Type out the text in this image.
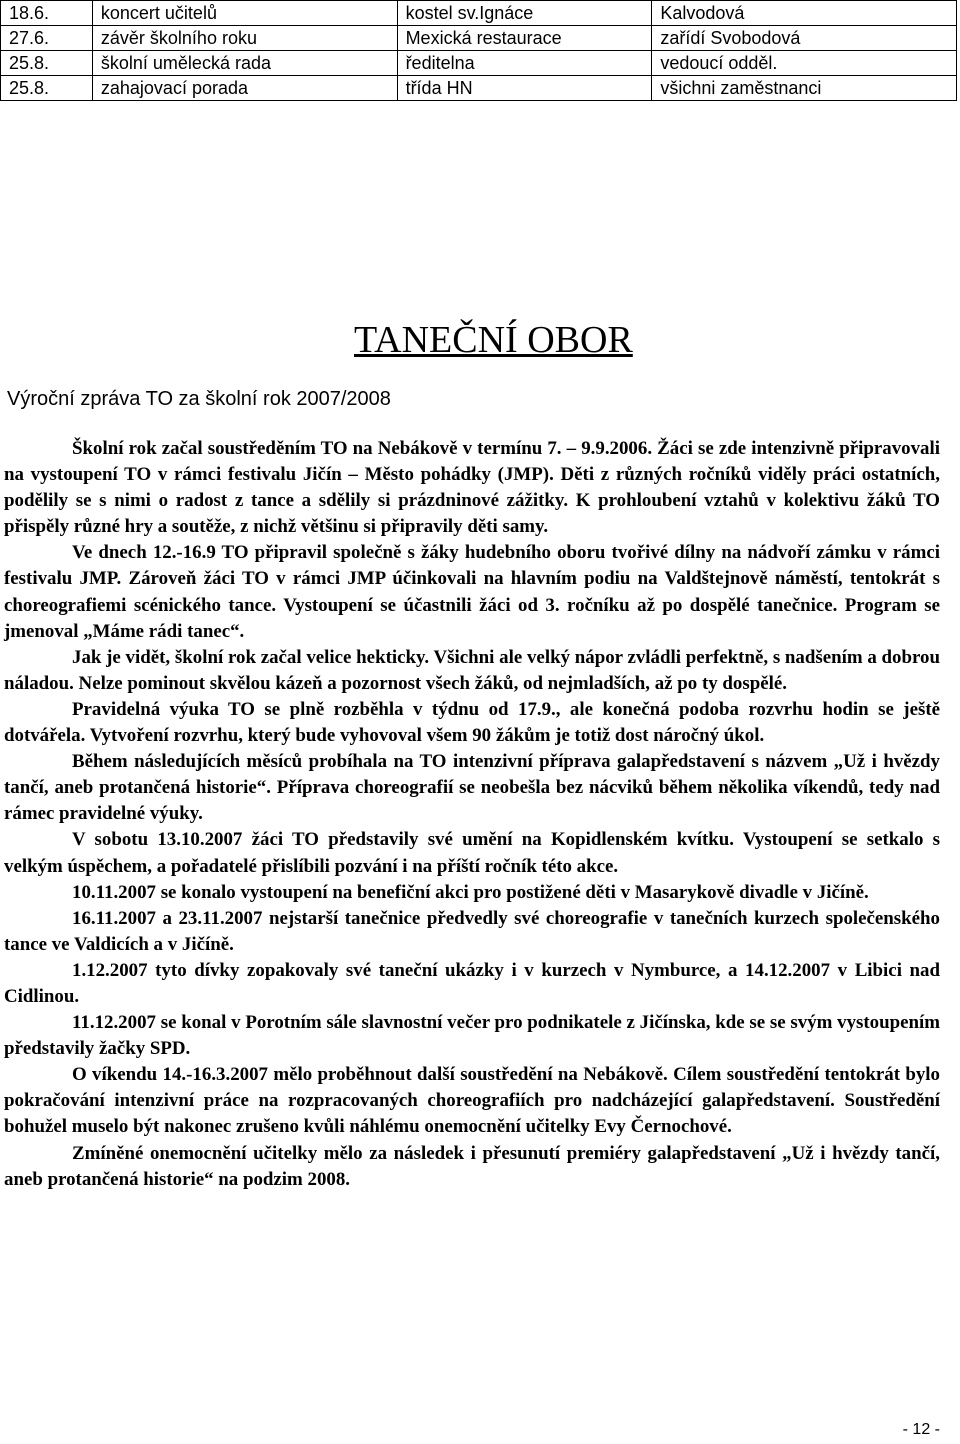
18.6.	koncert učitelů	kostel sv.Ignáce	Kalvodová
27.6.	závěr školního roku	Mexická restaurace	zařídí Svobodová
25.8.	školní umělecká rada	ředitelna	vedoucí odděl.
25.8.	zahajovací porada	třída HN	všichni zaměstnanci
TANEČNÍ OBOR
Výroční zpráva TO za školní rok 2007/2008

Školní rok začal soustředěním TO na Nebákově v termínu 7. – 9.9.2006. Žáci se zde intenzivně připravovali na vystoupení TO v rámci festivalu Jičín – Město pohádky (JMP). Děti z různých ročníků viděly práci ostatních, podělily se s nimi o radost z tance a sdělily si prázdninové zážitky. K prohloubení vztahů v kolektivu žáků TO přispěly různé hry a soutěže, z nichž většinu si připravily děti samy.

Ve dnech 12.-16.9 TO připravil společně s žáky hudebního oboru tvořivé dílny na nádvoří zámku v rámci festivalu JMP. Zároveň žáci TO v rámci JMP účinkovali na hlavním podiu na Valdštejnově náměstí, tentokrát s choreografiemi scénického tance. Vystoupení se účastnili žáci od 3. ročníku až po dospělé tanečnice. Program se jmenoval „Máme rádi tanec“.

Jak je vidět, školní rok začal velice hekticky. Všichni ale velký nápor zvládli perfektně, s nadšením a dobrou náladou. Nelze pominout skvělou kázeň a pozornost všech žáků, od nejmladších, až po ty dospělé.

Pravidelná výuka TO se plně rozběhla v týdnu od 17.9., ale konečná podoba rozvrhu hodin se ještě dotvářela. Vytvoření rozvrhu, který bude vyhovoval všem 90 žákům je totiž dost náročný úkol.

Během následujících měsíců probíhala na TO intenzivní příprava galapředstavení s názvem „Už i hvězdy tančí, aneb protančená historie“. Příprava choreografií se neobešla bez nácviků během několika víkendů, tedy nad rámec pravidelné výuky.

V sobotu 13.10.2007 žáci TO představily své umění na Kopidlenském kvítku. Vystoupení se setkalo s velkým úspěchem, a pořadatelé přislíbili pozvání i na příští ročník této akce.

10.11.2007 se konalo vystoupení na benefiční akci pro postižené děti v Masarykově divadle v Jičíně.

16.11.2007 a 23.11.2007 nejstarší tanečnice předvedly své choreografie v tanečních kurzech společenského tance ve Valdicích a v Jičíně.

1.12.2007 tyto dívky zopakovaly své taneční ukázky i v kurzech v Nymburce, a 14.12.2007 v Libici nad Cidlinou.

11.12.2007 se konal v Porotním sále slavnostní večer pro podnikatele z Jičínska, kde se se svým vystoupením představily žačky SPD.

O víkendu 14.-16.3.2007 mělo proběhnout další soustředění na Nebákově. Cílem soustředění tentokrát bylo pokračování intenzivní práce na rozpracovaných choreografiích pro nadcházející galapředstavení. Soustředění bohužel muselo být nakonec zrušeno kvůli náhlému onemocnění učitelky Evy Černochové.

Zmíněné onemocnění učitelky mělo za následek i přesunutí premiéry galapředstavení „Už i hvězdy tančí, aneb protančená historie“ na podzim 2008.

- 12 -
